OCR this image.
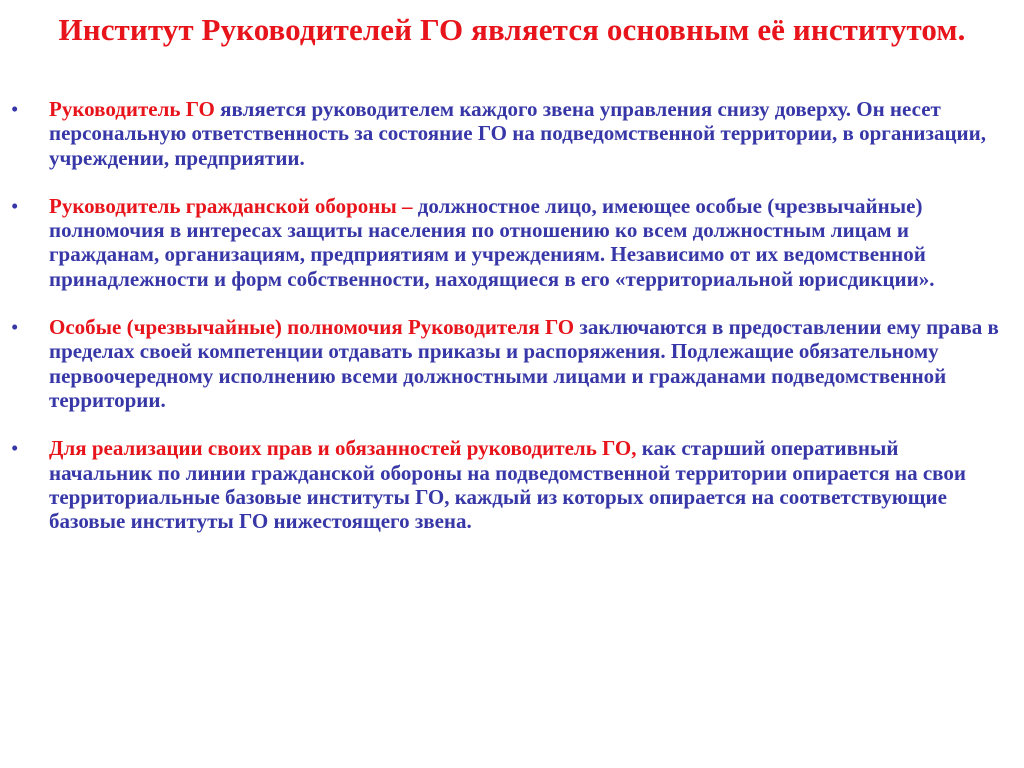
Институт Руководителей ГО является основным её институтом.
• Руководитель ГО является руководителем каждого звена управления снизу доверху. Он несет персональную ответственность за состояние ГО на подведомственной территории, в организации, учреждении, предприятии.
• Руководитель гражданской обороны – должностное лицо, имеющее особые (чрезвычайные) полномочия в интересах защиты населения по отношению ко всем должностным лицам и гражданам, организациям, предприятиям и учреждениям. Независимо от их ведомственной принадлежности и форм собственности, находящиеся в его «территориальной юрисдикции».
• Особые (чрезвычайные) полномочия Руководителя ГО заключаются в предоставлении ему права в пределах своей компетенции отдавать приказы и распоряжения. Подлежащие обязательному первоочередному исполнению всеми должностными лицами и гражданами подведомственной территории.
• Для реализации своих прав и обязанностей руководитель ГО, как старший оперативный начальник по линии гражданской обороны на подведомственной территории опирается на свои территориальные базовые институты ГО, каждый из которых опирается на соответствующие базовые институты ГО нижестоящего звена.
